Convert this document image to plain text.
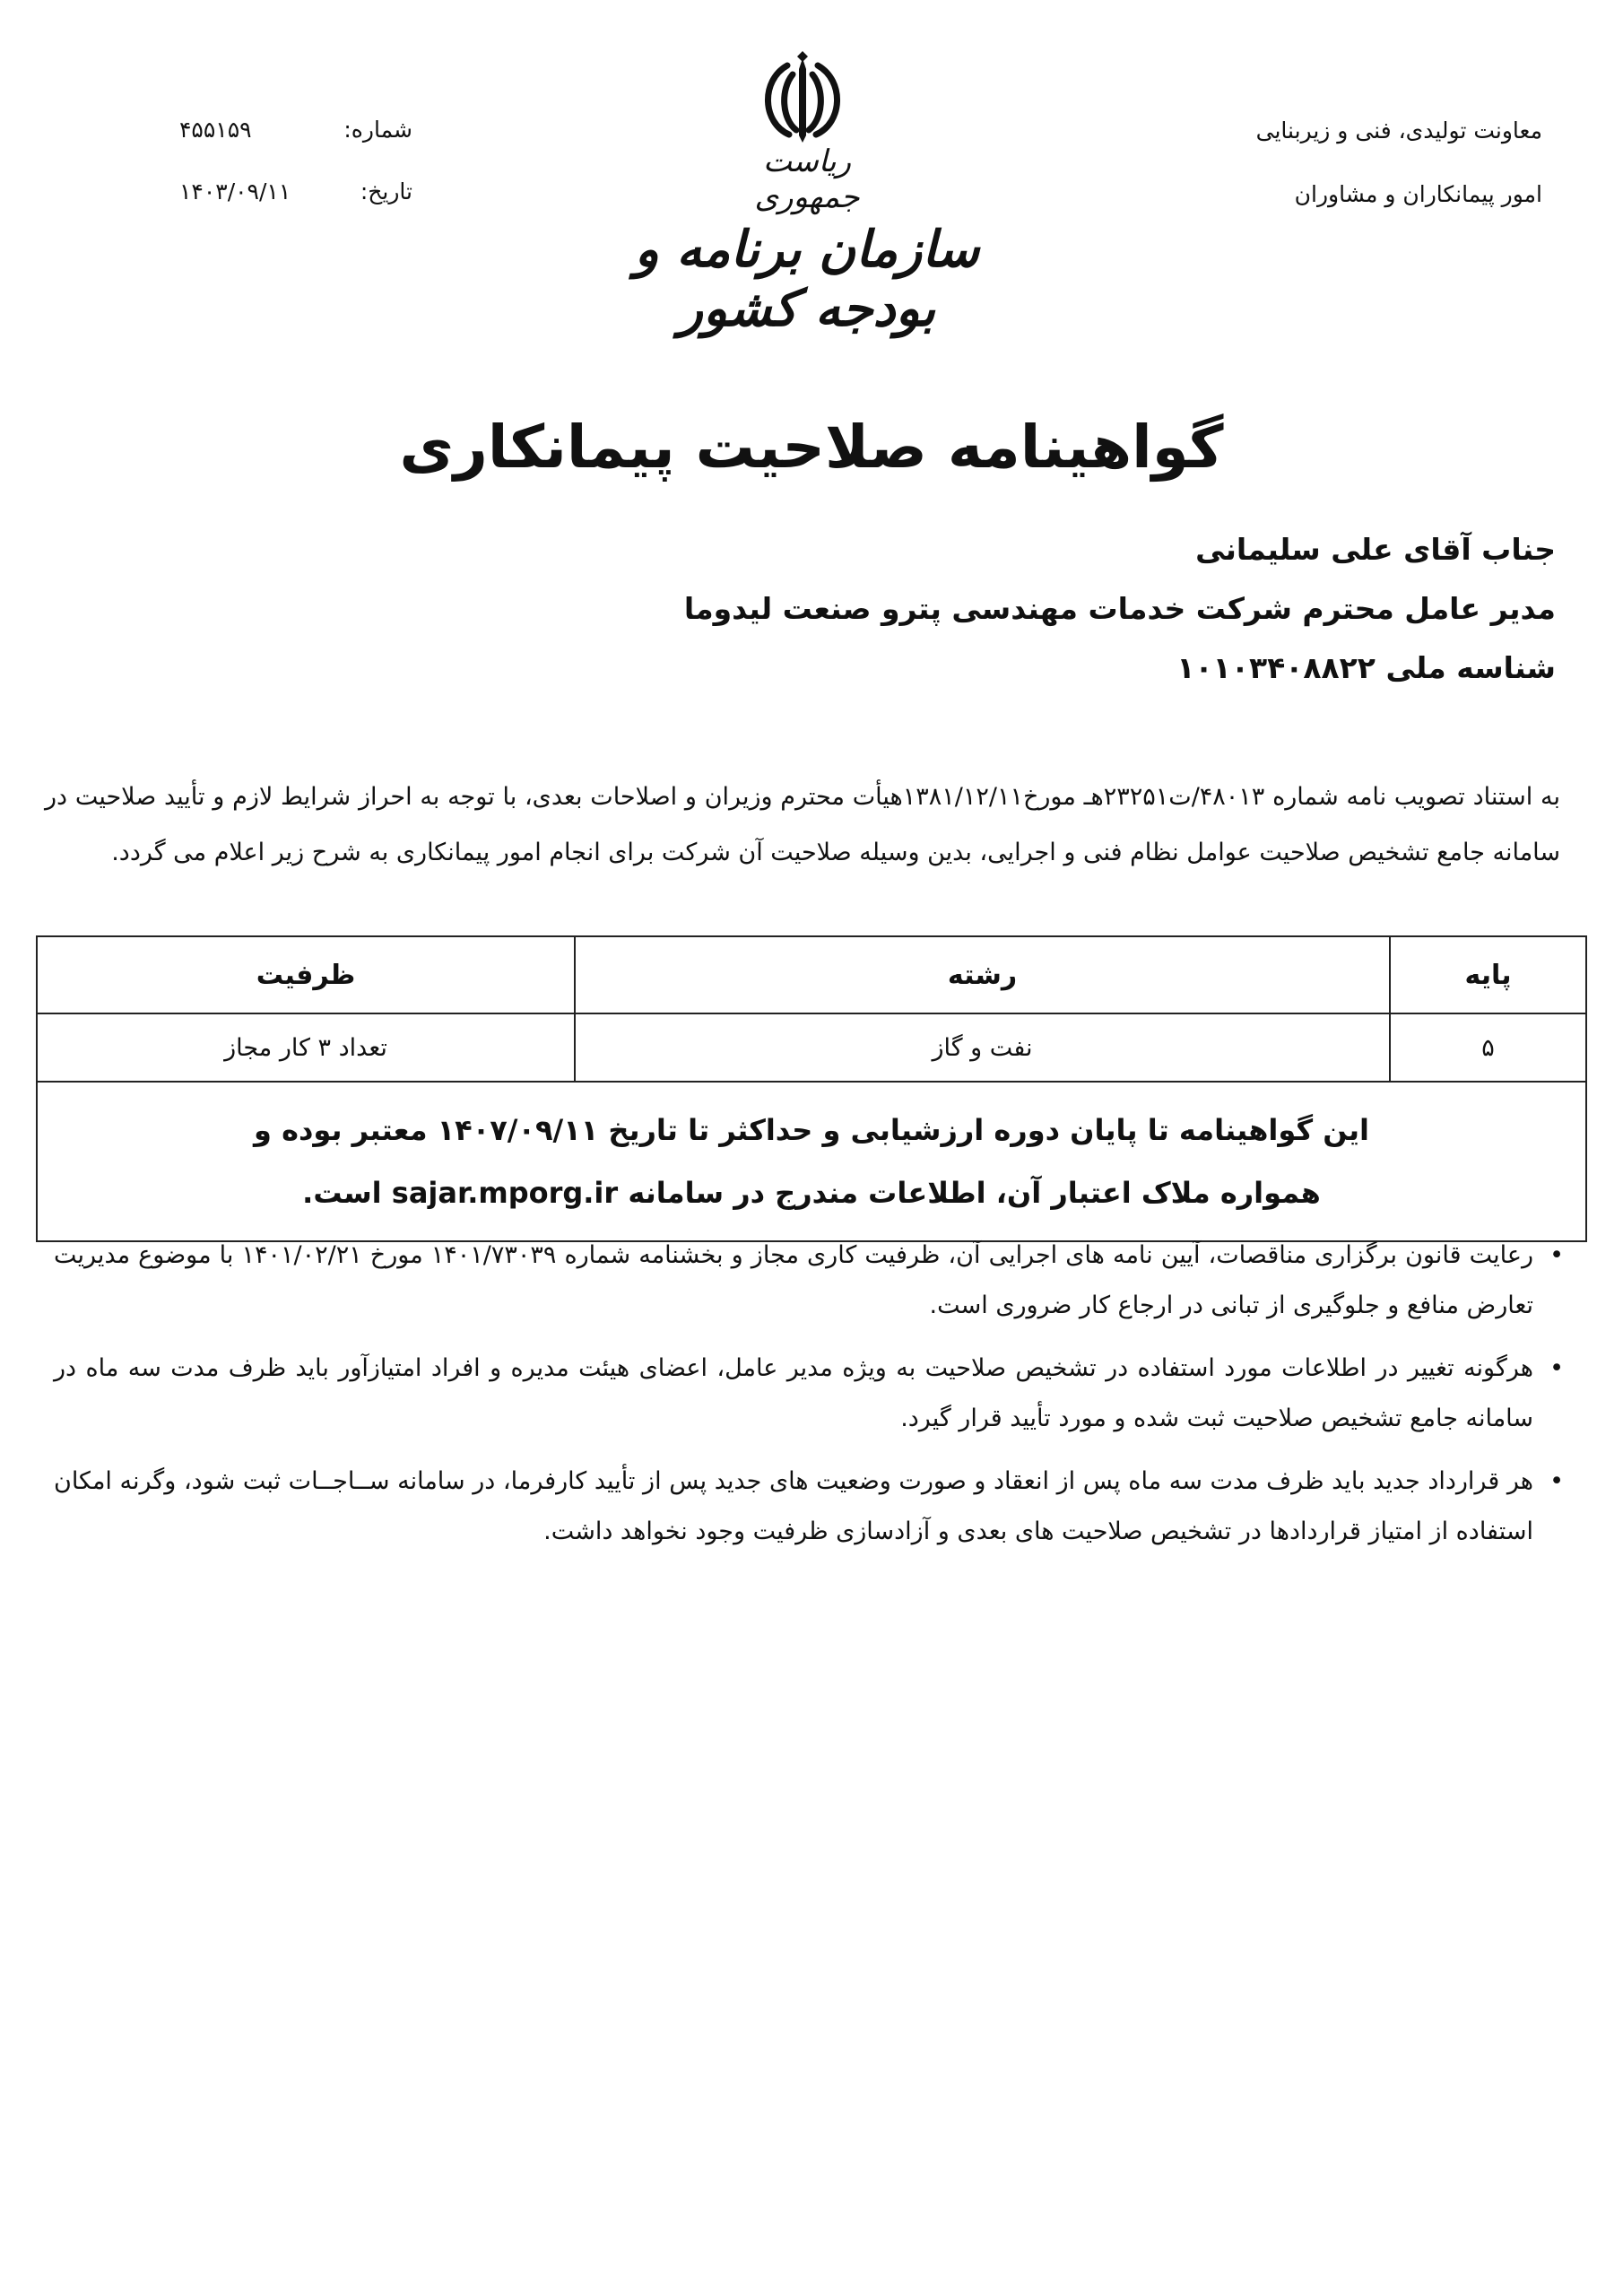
معاونت تولیدی، فنی و زیربنایی
امور پیمانکاران و مشاوران
ریاست جمهوری
سازمان برنامه و بودجه کشور
شماره:
۴۵۵۱۵۹
تاریخ:
۱۴۰۳/۰۹/۱۱
گواهینامه صلاحیت پیمانکاری
جناب آقای علی سلیمانی
مدیر عامل محترم شرکت خدمات مهندسی پترو صنعت لیدوما
شناسه ملی ۱۰۱۰۳۴۰۸۸۲۲

به استناد تصویب نامه شماره ۴۸۰۱۳/ت۲۳۲۵۱هـ مورخ۱۳۸۱/۱۲/۱۱هیأت محترم وزیران و اصلاحات بعدی، با توجه به احراز شرایط لازم و تأیید صلاحیت در سامانه جامع تشخیص صلاحیت عوامل نظام فنی و اجرایی، بدین وسیله صلاحیت آن شرکت برای انجام امور پیمانکاری به شرح زیر اعلام می گردد.

پایه	رشته	ظرفیت
۵	نفت و گاز	تعداد ۳ کار مجاز

این گواهینامه تا پایان دوره ارزشیابی و حداکثر تا تاریخ ۱۴۰۷/۰۹/۱۱ معتبر بوده و
همواره ملاک اعتبار آن، اطلاعات مندرج در سامانه sajar.mporg.ir است.		
•
رعایت قانون برگزاری مناقصات، آیین نامه های اجرایی آن، ظرفیت کاری مجاز و بخشنامه شماره ۱۴۰۱/۷۳۰۳۹ مورخ ۱۴۰۱/۰۲/۲۱ با موضوع مدیریت تعارض منافع و جلوگیری از تبانی در ارجاع کار ضروری است.
•
هرگونه تغییر در اطلاعات مورد استفاده در تشخیص صلاحیت به ویژه مدیر عامل، اعضای هیئت مدیره و افراد امتیازآور باید ظرف مدت سه ماه در سامانه جامع تشخیص صلاحیت ثبت شده و مورد تأیید قرار گیرد.
•
هر قرارداد جدید باید ظرف مدت سه ماه پس از انعقاد و صورت وضعیت های جدید پس از تأیید کارفرما، در سامانه ســاجــات ثبت شود، وگرنه امکان استفاده از امتیاز قراردادها در تشخیص صلاحیت های بعدی و آزادسازی ظرفیت وجود نخواهد داشت.
